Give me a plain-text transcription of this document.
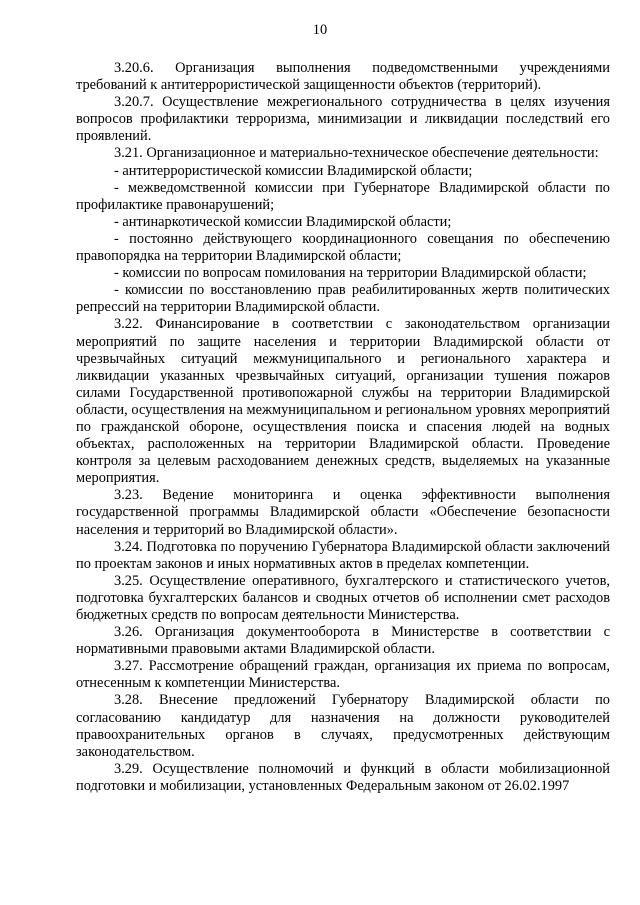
10

3.20.6. Организация выполнения подведомственными учреждениями требований к антитеррористической защищенности объектов (территорий).

3.20.7. Осуществление межрегионального сотрудничества в целях изучения вопросов профилактики терроризма, минимизации и ликвидации последствий его проявлений.

3.21. Организационное и материально-техническое обеспечение деятельности:

- антитеррористической комиссии Владимирской области;

- межведомственной комиссии при Губернаторе Владимирской области по профилактике правонарушений;

- антинаркотической комиссии Владимирской области;

- постоянно действующего координационного совещания по обеспечению правопорядка на территории Владимирской области;

- комиссии по вопросам помилования на территории Владимирской области;

- комиссии по восстановлению прав реабилитированных жертв политических репрессий на территории Владимирской области.

3.22. Финансирование в соответствии с законодательством организации мероприятий по защите населения и территории Владимирской области от чрезвычайных ситуаций межмуниципального и регионального характера и ликвидации указанных чрезвычайных ситуаций, организации тушения пожаров силами Государственной противопожарной службы на территории Владимирской области, осуществления на межмуниципальном и региональном уровнях мероприятий по гражданской обороне, осуществления поиска и спасения людей на водных объектах, расположенных на территории Владимирской области. Проведение контроля за целевым расходованием денежных средств, выделяемых на указанные мероприятия.

3.23. Ведение мониторинга и оценка эффективности выполнения государственной программы Владимирской области «Обеспечение безопасности населения и территорий во Владимирской области».

3.24. Подготовка по поручению Губернатора Владимирской области заключений по проектам законов и иных нормативных актов в пределах компетенции.

3.25. Осуществление оперативного, бухгалтерского и статистического учетов, подготовка бухгалтерских балансов и сводных отчетов об исполнении смет расходов бюджетных средств по вопросам деятельности Министерства.

3.26. Организация документооборота в Министерстве в соответствии с нормативными правовыми актами Владимирской области.

3.27. Рассмотрение обращений граждан, организация их приема по вопросам, отнесенным к компетенции Министерства.

3.28. Внесение предложений Губернатору Владимирской области по согласованию кандидатур для назначения на должности руководителей правоохранительных органов в случаях, предусмотренных действующим законодательством.

3.29. Осуществление полномочий и функций в области мобилизационной подготовки и мобилизации, установленных Федеральным законом от 26.02.1997
